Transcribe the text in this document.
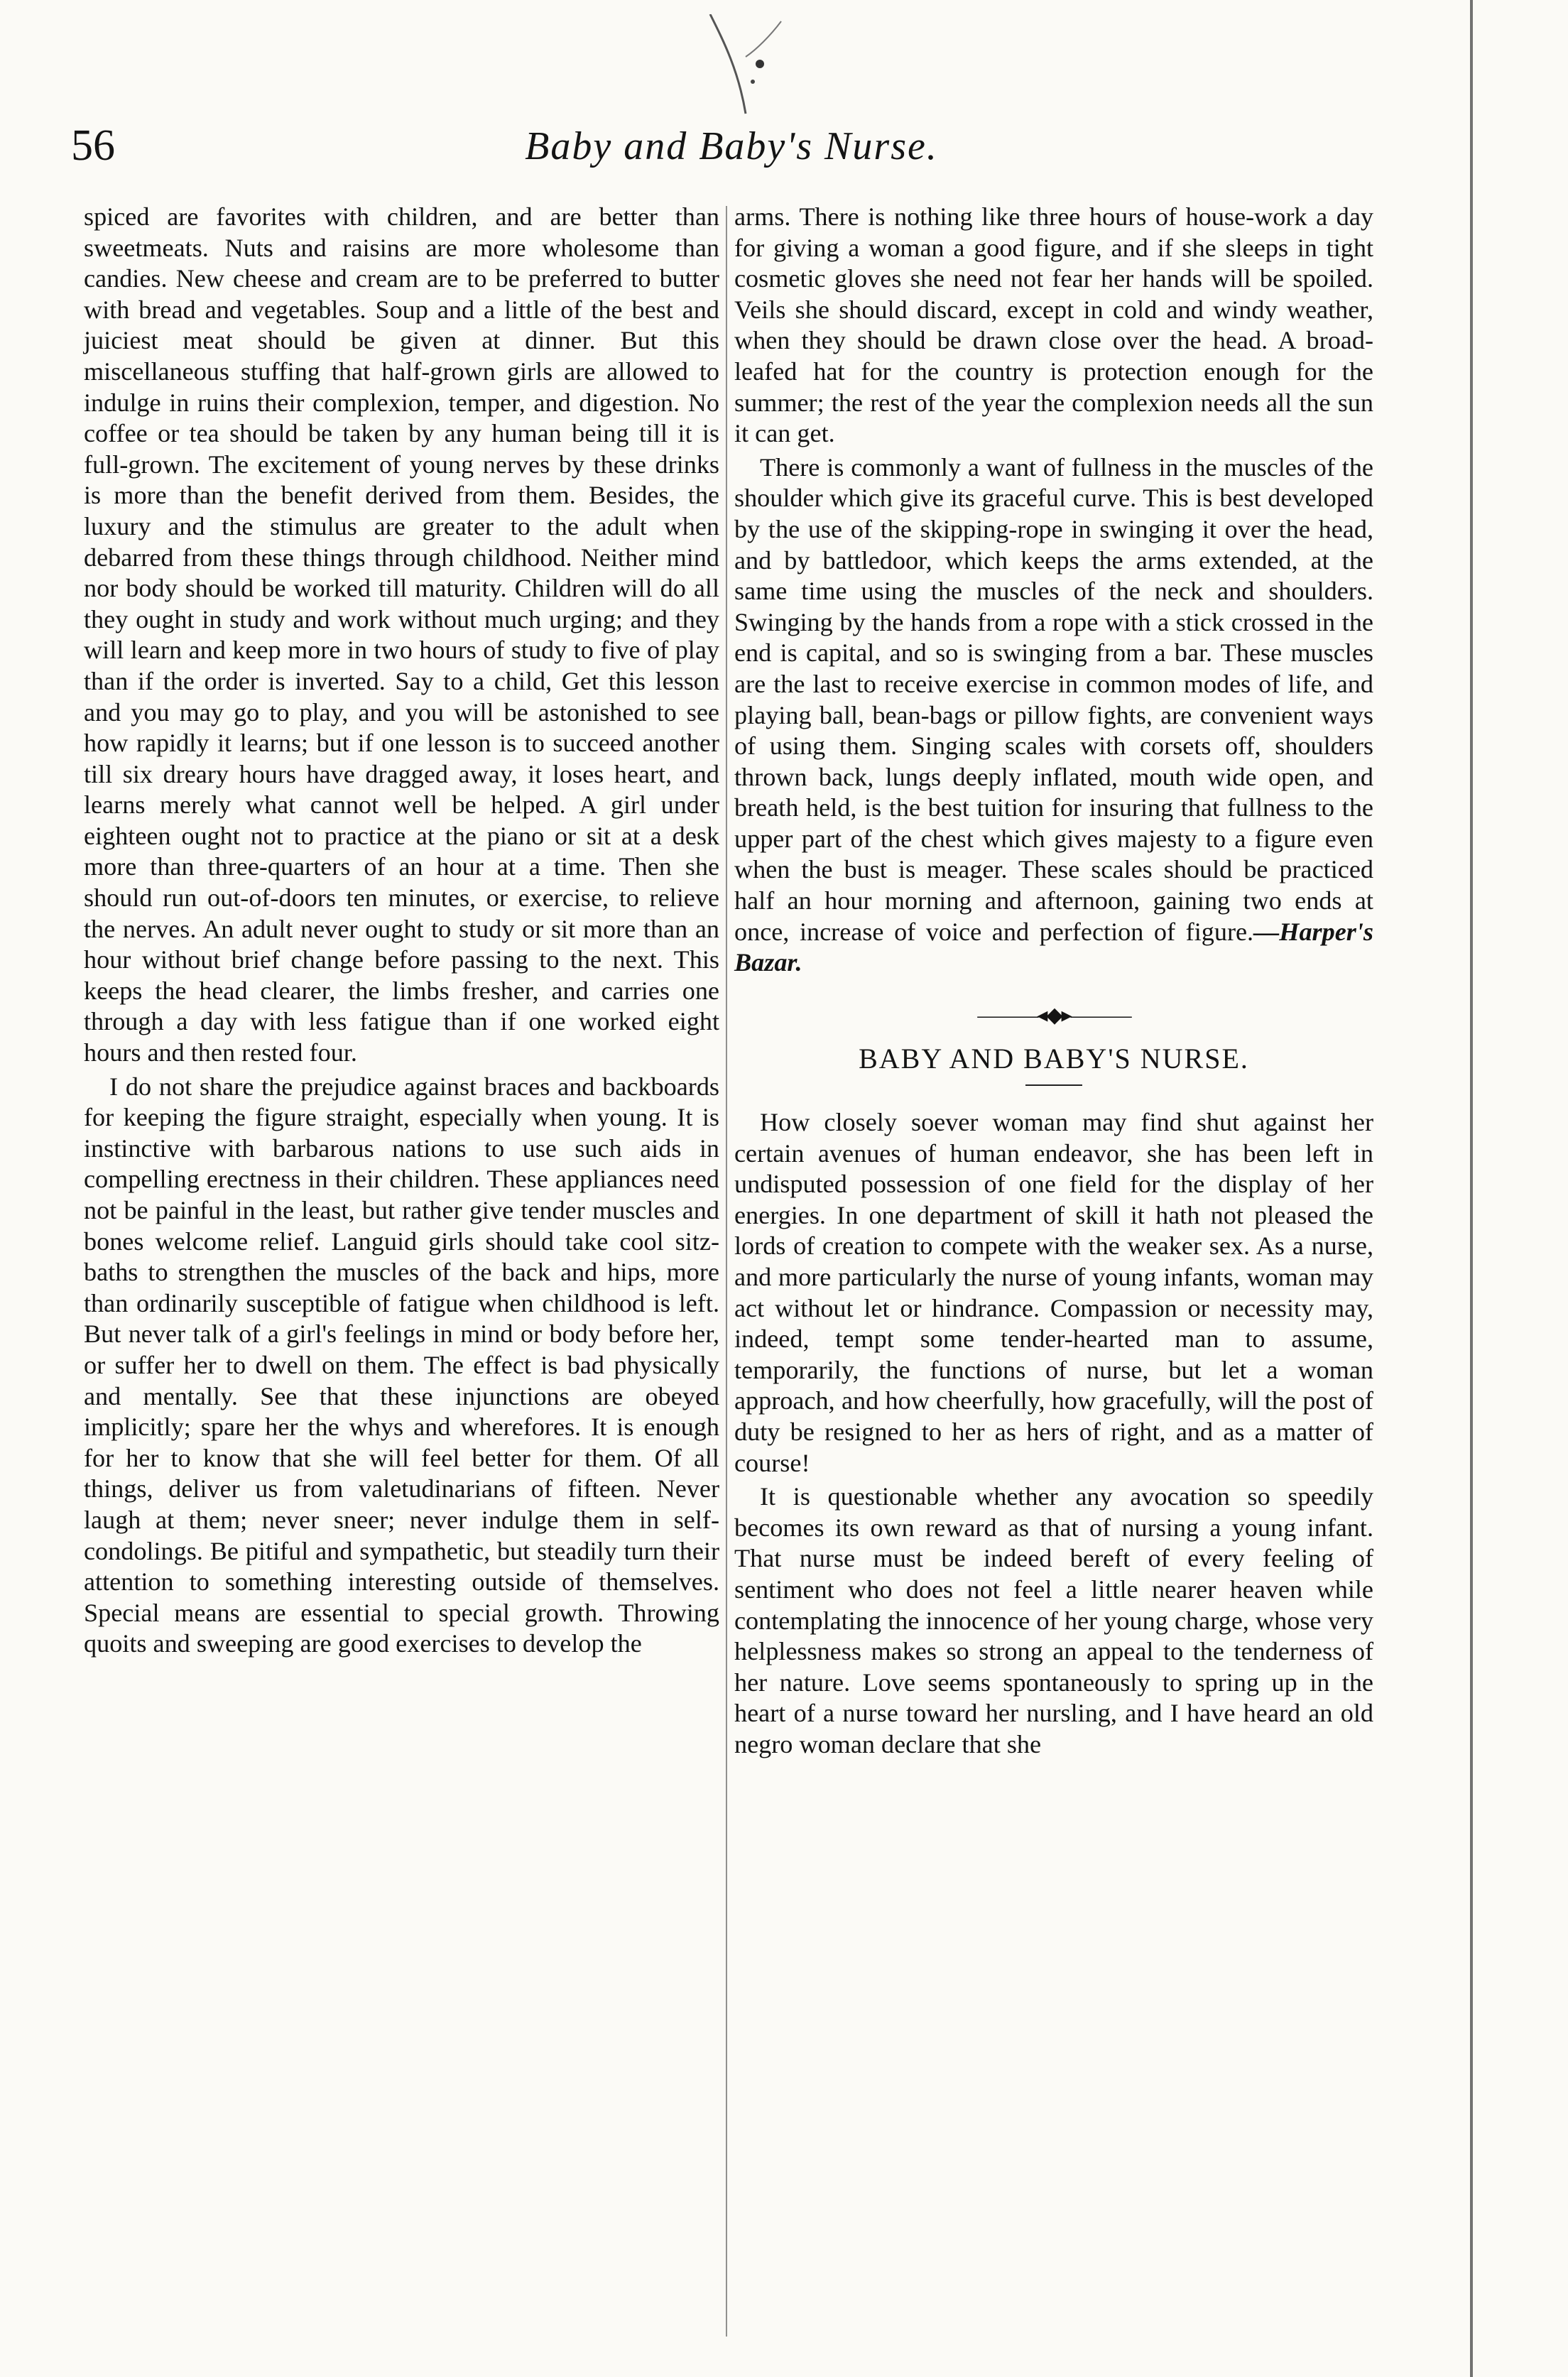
56	Baby and Baby's Nurse.

spiced are favorites with children, and are better than sweetmeats. Nuts and raisins are more wholesome than candies. New cheese and cream are to be preferred to butter with bread and vegetables. Soup and a little of the best and juiciest meat should be given at dinner. But this miscellaneous stuffing that half-grown girls are allowed to indulge in ruins their complexion, temper, and digestion. No coffee or tea should be taken by any human being till it is full-grown. The excitement of young nerves by these drinks is more than the benefit derived from them. Besides, the luxury and the stimulus are greater to the adult when debarred from these things through childhood. Neither mind nor body should be worked till maturity. Children will do all they ought in study and work without much urging; and they will learn and keep more in two hours of study to five of play than if the order is inverted. Say to a child, Get this lesson and you may go to play, and you will be astonished to see how rapidly it learns; but if one lesson is to succeed another till six dreary hours have dragged away, it loses heart, and learns merely what cannot well be helped. A girl under eighteen ought not to practice at the piano or sit at a desk more than three-quarters of an hour at a time. Then she should run out-of-doors ten minutes, or exercise, to relieve the nerves. An adult never ought to study or sit more than an hour without brief change before passing to the next. This keeps the head clearer, the limbs fresher, and carries one through a day with less fatigue than if one worked eight hours and then rested four.

I do not share the prejudice against braces and backboards for keeping the figure straight, especially when young. It is instinctive with barbarous nations to use such aids in compelling erectness in their children. These appliances need not be painful in the least, but rather give tender muscles and bones welcome relief. Languid girls should take cool sitz-baths to strengthen the muscles of the back and hips, more than ordinarily susceptible of fatigue when childhood is left. But never talk of a girl's feelings in mind or body before her, or suffer her to dwell on them. The effect is bad physically and mentally. See that these injunctions are obeyed implicitly; spare her the whys and wherefores. It is enough for her to know that she will feel better for them. Of all things, deliver us from valetudinarians of fifteen. Never laugh at them; never sneer; never indulge them in self-condolings. Be pitiful and sympathetic, but steadily turn their attention to something interesting outside of themselves. Special means are essential to special growth. Throwing quoits and sweeping are good exercises to develop the

arms. There is nothing like three hours of house-work a day for giving a woman a good figure, and if she sleeps in tight cosmetic gloves she need not fear her hands will be spoiled. Veils she should discard, except in cold and windy weather, when they should be drawn close over the head. A broad-leafed hat for the country is protection enough for the summer; the rest of the year the complexion needs all the sun it can get.

There is commonly a want of fullness in the muscles of the shoulder which give its graceful curve. This is best developed by the use of the skipping-rope in swinging it over the head, and by battledoor, which keeps the arms extended, at the same time using the muscles of the neck and shoulders. Swinging by the hands from a rope with a stick crossed in the end is capital, and so is swinging from a bar. These muscles are the last to receive exercise in common modes of life, and playing ball, bean-bags or pillow fights, are convenient ways of using them. Singing scales with corsets off, shoulders thrown back, lungs deeply inflated, mouth wide open, and breath held, is the best tuition for insuring that fullness to the upper part of the chest which gives majesty to a figure even when the bust is meager. These scales should be practiced half an hour morning and afternoon, gaining two ends at once, increase of voice and perfection of figure.—Harper's Bazar.

———◂◆▸———
BABY AND BABY'S NURSE.

How closely soever woman may find shut against her certain avenues of human endeavor, she has been left in undisputed possession of one field for the display of her energies. In one department of skill it hath not pleased the lords of creation to compete with the weaker sex. As a nurse, and more particularly the nurse of young infants, woman may act without let or hindrance. Compassion or necessity may, indeed, tempt some tender-hearted man to assume, temporarily, the functions of nurse, but let a woman approach, and how cheerfully, how gracefully, will the post of duty be resigned to her as hers of right, and as a matter of course!

It is questionable whether any avocation so speedily becomes its own reward as that of nursing a young infant. That nurse must be indeed bereft of every feeling of sentiment who does not feel a little nearer heaven while contemplating the innocence of her young charge, whose very helplessness makes so strong an appeal to the tenderness of her nature. Love seems spontaneously to spring up in the heart of a nurse toward her nursling, and I have heard an old negro woman declare that she
